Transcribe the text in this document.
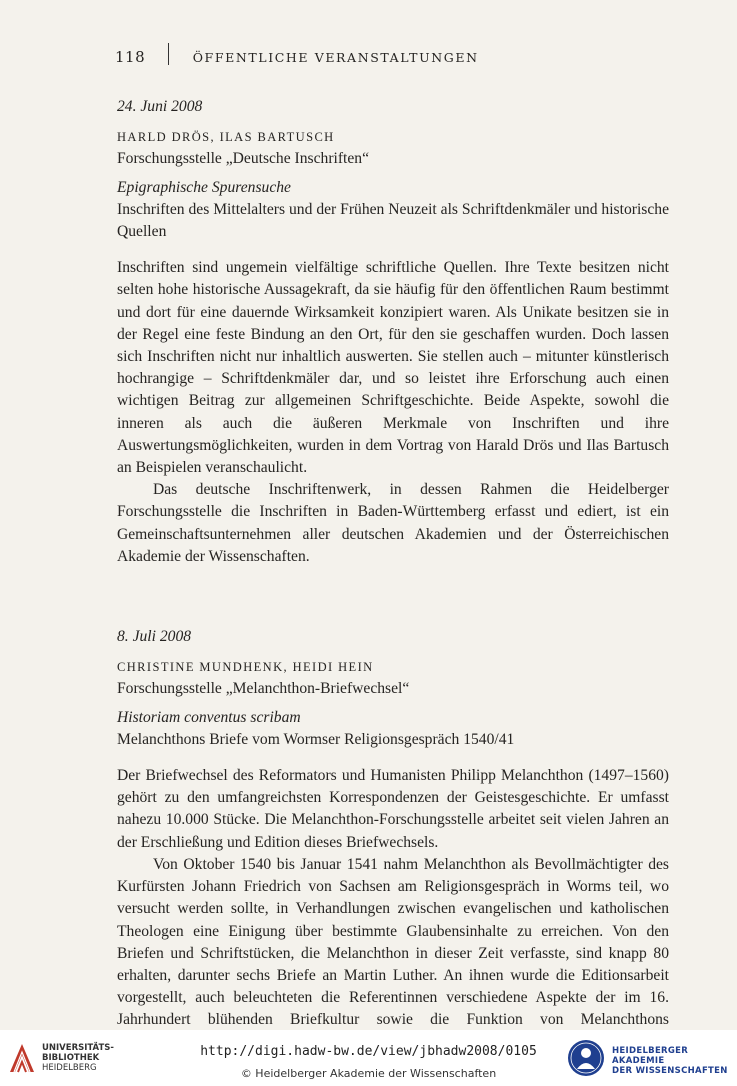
118	ÖFFENTLICHE VERANSTALTUNGEN

24. Juni 2008

HARLD DRÖS, ILAS BARTUSCH

Forschungsstelle „Deutsche Inschriften“

Epigraphische Spurensuche

Inschriften des Mittelalters und der Frühen Neuzeit als Schriftdenkmäler und historische Quellen

Inschriften sind ungemein vielfältige schriftliche Quellen. Ihre Texte besitzen nicht selten hohe historische Aussagekraft, da sie häufig für den öffentlichen Raum bestimmt und dort für eine dauernde Wirksamkeit konzipiert waren. Als Unikate besitzen sie in der Regel eine feste Bindung an den Ort, für den sie geschaffen wurden. Doch lassen sich Inschriften nicht nur inhaltlich auswerten. Sie stellen auch – mitunter künstlerisch hochrangige – Schriftdenkmäler dar, und so leistet ihre Erforschung auch einen wichtigen Beitrag zur allgemeinen Schriftgeschichte. Beide Aspekte, sowohl die inneren als auch die äußeren Merkmale von Inschriften und ihre Auswertungsmöglichkeiten, wurden in dem Vortrag von Harald Drös und Ilas Bartusch an Beispielen veranschaulicht.

Das deutsche Inschriftenwerk, in dessen Rahmen die Heidelberger Forschungsstelle die Inschriften in Baden-Württemberg erfasst und ediert, ist ein Gemeinschaftsunternehmen aller deutschen Akademien und der Österreichischen Akademie der Wissenschaften.

8. Juli 2008

CHRISTINE MUNDHENK, HEIDI HEIN

Forschungsstelle „Melanchthon-Briefwechsel“

Historiam conventus scribam

Melanchthons Briefe vom Wormser Religionsgespräch 1540/41

Der Briefwechsel des Reformators und Humanisten Philipp Melanchthon (1497–1560) gehört zu den umfangreichsten Korrespondenzen der Geistesgeschichte. Er umfasst nahezu 10.000 Stücke. Die Melanchthon-Forschungsstelle arbeitet seit vielen Jahren an der Erschließung und Edition dieses Briefwechsels.

Von Oktober 1540 bis Januar 1541 nahm Melanchthon als Bevollmächtigter des Kurfürsten Johann Friedrich von Sachsen am Religionsgespräch in Worms teil, wo versucht werden sollte, in Verhandlungen zwischen evangelischen und katholischen Theologen eine Einigung über bestimmte Glaubensinhalte zu erreichen. Von den Briefen und Schriftstücken, die Melanchthon in dieser Zeit verfasste, sind knapp 80 erhalten, darunter sechs Briefe an Martin Luther. An ihnen wurde die Editionsarbeit vorgestellt, auch beleuchteten die Referentinnen verschiedene Aspekte der im 16. Jahrhundert blühenden Briefkultur sowie die Funktion von Melanchthons

UNIVERSITÄTS-
BIBLIOTHEK
HEIDELBERG
http://digi.hadw-bw.de/view/jbhadw2008/0105
© Heidelberger Akademie der Wissenschaften
HEIDELBERGER AKADEMIE
DER WISSENSCHAFTEN
